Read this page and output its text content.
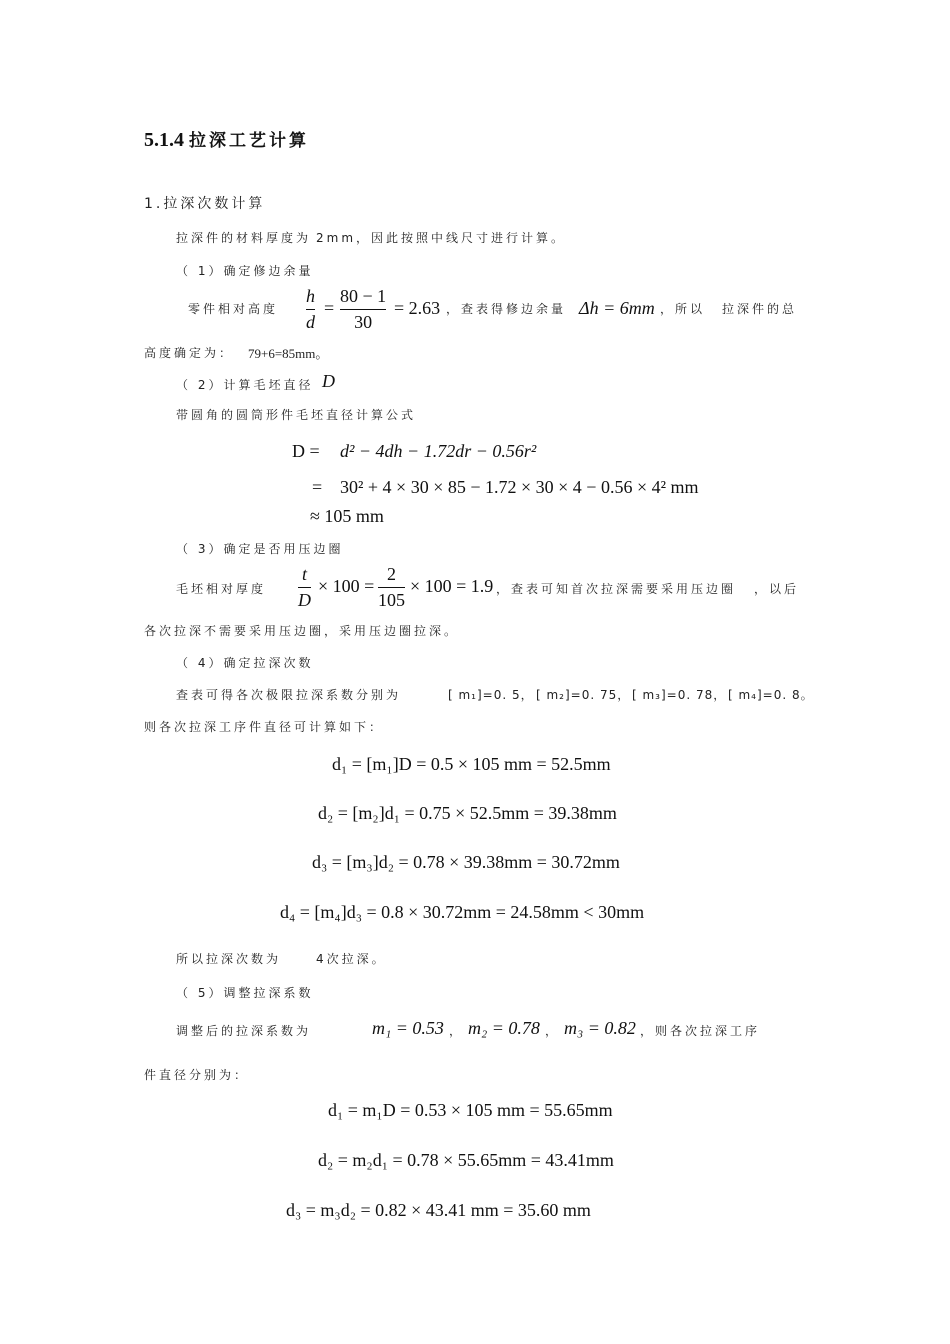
5.1.4 拉深工艺计算
1.拉深次数计算
拉深件的材料厚度为 2mm，因此按照中线尺寸进行计算。
（ 1）确定修边余量
零件相对高度
h
d
=
80 − 1
30
= 2.63 ，查表得修边余量 Δh = 6mm ，所以 拉深件的总
高度确定为： 79+6=85mm。
（ 2）计算毛坯直径 D
带圆角的圆筒形件毛坯直径计算公式
D = d² − 4dh − 1.72dr − 0.56r²
= 30² + 4 × 30 × 85 − 1.72 × 30 × 4 − 0.56 × 4² mm
≈ 105 mm
（ 3）确定是否用压边圈
毛坯相对厚度
t
D
× 100 =
2
105
× 100 = 1.9 ，查表可知首次拉深需要采用压边圈 ，以后
各次拉深不需要采用压边圈，采用压边圈拉深。
（ 4）确定拉深次数
查表可得各次极限拉深系数分别为	[ m₁]=0. 5， [ m₂]=0. 75， [ m₃]=0. 78， [ m₄]=0. 8。
则各次拉深工序件直径可计算如下：
d₁ = [m₁]D = 0.5 × 105 mm = 52.5mm
d₂ = [m₂]d₁ = 0.75 × 52.5mm = 39.38mm
d₃ = [m₃]d₂ = 0.78 × 39.38mm = 30.72mm
d₄ = [m₄]d₃ = 0.8 × 30.72mm = 24.58mm < 30mm
所以拉深次数为	4次拉深。
（ 5）调整拉深系数
调整后的拉深系数为	m₁ = 0.53 ， m₂ = 0.78 ， m₃ = 0.82 ，则各次拉深工序
件直径分别为：
d₁ = m₁D = 0.53 × 105 mm = 55.65mm
d₂ = m₂d₁ = 0.78 × 55.65mm = 43.41mm
d₃ = m₃d₂ = 0.82 × 43.41 mm = 35.60 mm
